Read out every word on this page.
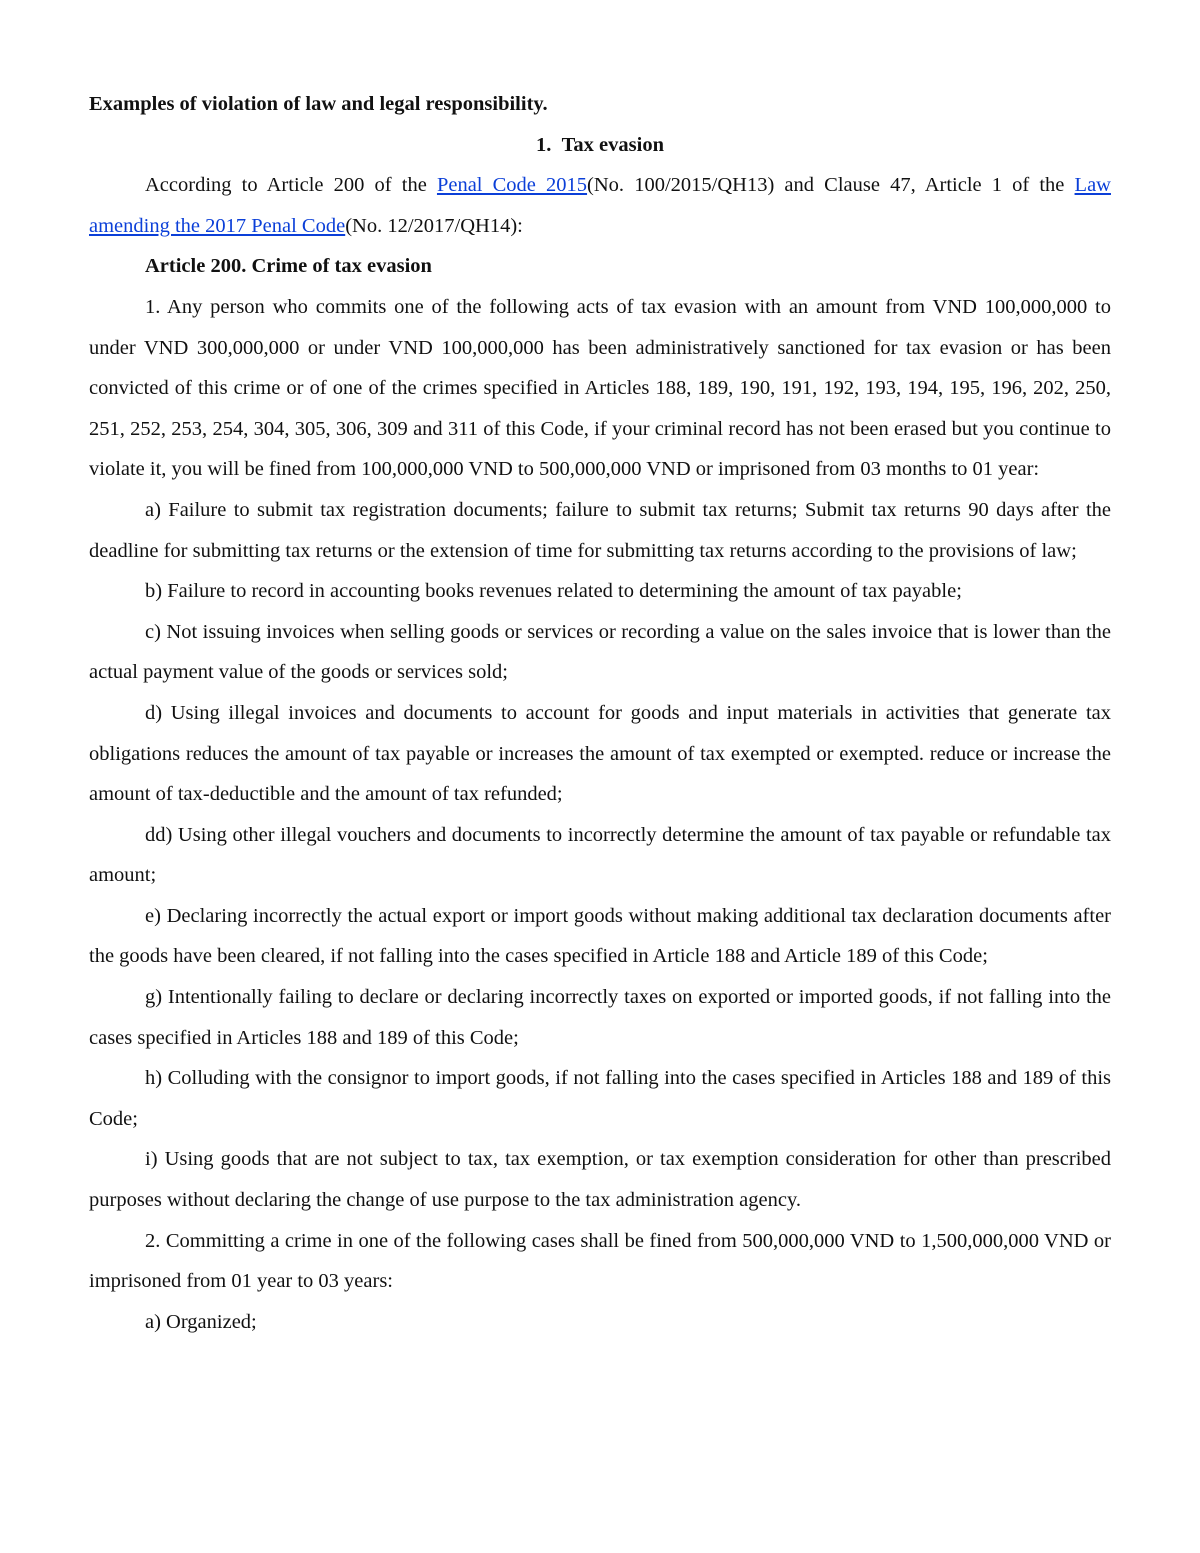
Examples of violation of law and legal responsibility.

1. Tax evasion

According to Article 200 of the Penal Code 2015(No. 100/2015/QH13) and Clause 47, Article 1 of the Law amending the 2017 Penal Code(No. 12/2017/QH14):

Article 200. Crime of tax evasion

1. Any person who commits one of the following acts of tax evasion with an amount from VND 100,000,000 to under VND 300,000,000 or under VND 100,000,000 has been administratively sanctioned for tax evasion or has been convicted of this crime or of one of the crimes specified in Articles 188, 189, 190, 191, 192, 193, 194, 195, 196, 202, 250, 251, 252, 253, 254, 304, 305, 306, 309 and 311 of this Code, if your criminal record has not been erased but you continue to violate it, you will be fined from 100,000,000 VND to 500,000,000 VND or imprisoned from 03 months to 01 year:

a) Failure to submit tax registration documents; failure to submit tax returns; Submit tax returns 90 days after the deadline for submitting tax returns or the extension of time for submitting tax returns according to the provisions of law;

b) Failure to record in accounting books revenues related to determining the amount of tax payable;

c) Not issuing invoices when selling goods or services or recording a value on the sales invoice that is lower than the actual payment value of the goods or services sold;

d) Using illegal invoices and documents to account for goods and input materials in activities that generate tax obligations reduces the amount of tax payable or increases the amount of tax exempted or exempted. reduce or increase the amount of tax-deductible and the amount of tax refunded;

dd) Using other illegal vouchers and documents to incorrectly determine the amount of tax payable or refundable tax amount;

e) Declaring incorrectly the actual export or import goods without making additional tax declaration documents after the goods have been cleared, if not falling into the cases specified in Article 188 and Article 189 of this Code;

g) Intentionally failing to declare or declaring incorrectly taxes on exported or imported goods, if not falling into the cases specified in Articles 188 and 189 of this Code;

h) Colluding with the consignor to import goods, if not falling into the cases specified in Articles 188 and 189 of this Code;

i) Using goods that are not subject to tax, tax exemption, or tax exemption consideration for other than prescribed purposes without declaring the change of use purpose to the tax administration agency.

2. Committing a crime in one of the following cases shall be fined from 500,000,000 VND to 1,500,000,000 VND or imprisoned from 01 year to 03 years:

a) Organized;
